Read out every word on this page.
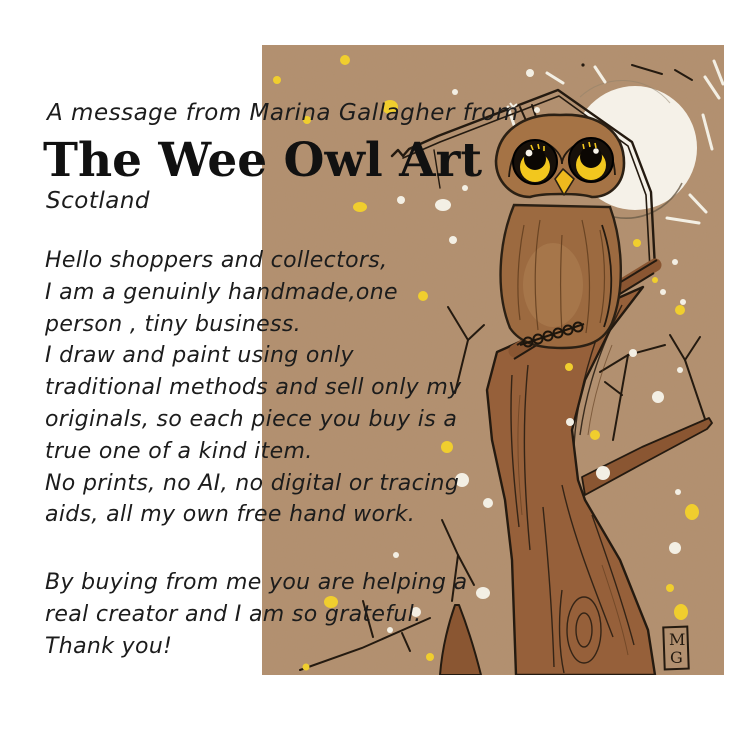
M
G
A message from Marina Gallagher from
The Wee Owl Art
Scotland
Hello shoppers and collectors,
I am a genuinly handmade,one
person , tiny business.
I draw and paint using only
traditional methods and sell only my
originals, so each piece you buy is a
true one of a kind item.
No prints, no AI, no digital or tracing
aids, all my own free hand work.
By buying from me you are helping a
real creator and I am so grateful.
Thank you!
